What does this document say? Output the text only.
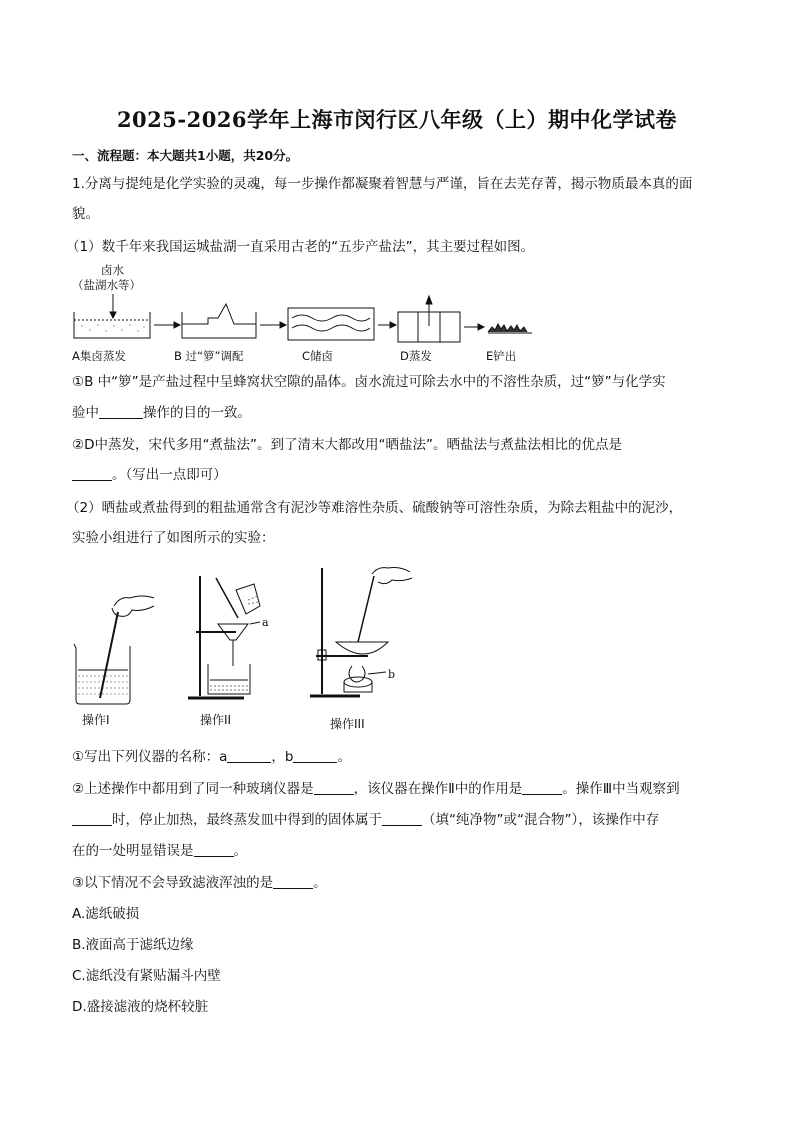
2025-2026学年上海市闵行区八年级（上）期中化学试卷
一、流程题：本大题共1小题，共20分。
1.分离与提纯是化学实验的灵魂，每一步操作都凝聚着智慧与严谨，旨在去芜存菁，揭示物质最本真的面
貌。
（1）数千年来我国运城盐湖一直采用古老的“五步产盐法”，其主要过程如图。
卤水
（盐湖水等）
A集卤蒸发	B 过“箩”调配	C储卤	D蒸发	E铲出
①B 中“箩”是产盐过程中呈蜂窝状空隙的晶体。卤水流过可除去水中的不溶性杂质，过“箩”与化学实
验中	操作的目的一致。
②D中蒸发，宋代多用“煮盐法”。到了清末大都改用“晒盐法”。晒盐法与煮盐法相比的优点是
。（写出一点即可）
（2）晒盐或煮盐得到的粗盐通常含有泥沙等难溶性杂质、硫酸钠等可溶性杂质，为除去粗盐中的泥沙，
实验小组进行了如图所示的实验：
a
b
操作I	操作II	操作III
①写出下列仪器的名称：a	，b	。
②上述操作中都用到了同一种玻璃仪器是	，该仪器在操作Ⅱ中的作用是	。操作Ⅲ中当观察到
时，停止加热，最终蒸发皿中得到的固体属于	（填“纯净物”或“混合物”），该操作中存
在的一处明显错误是	。
③以下情况不会导致滤液浑浊的是	。
A.滤纸破损
B.液面高于滤纸边缘
C.滤纸没有紧贴漏斗内壁
D.盛接滤液的烧杯较脏
